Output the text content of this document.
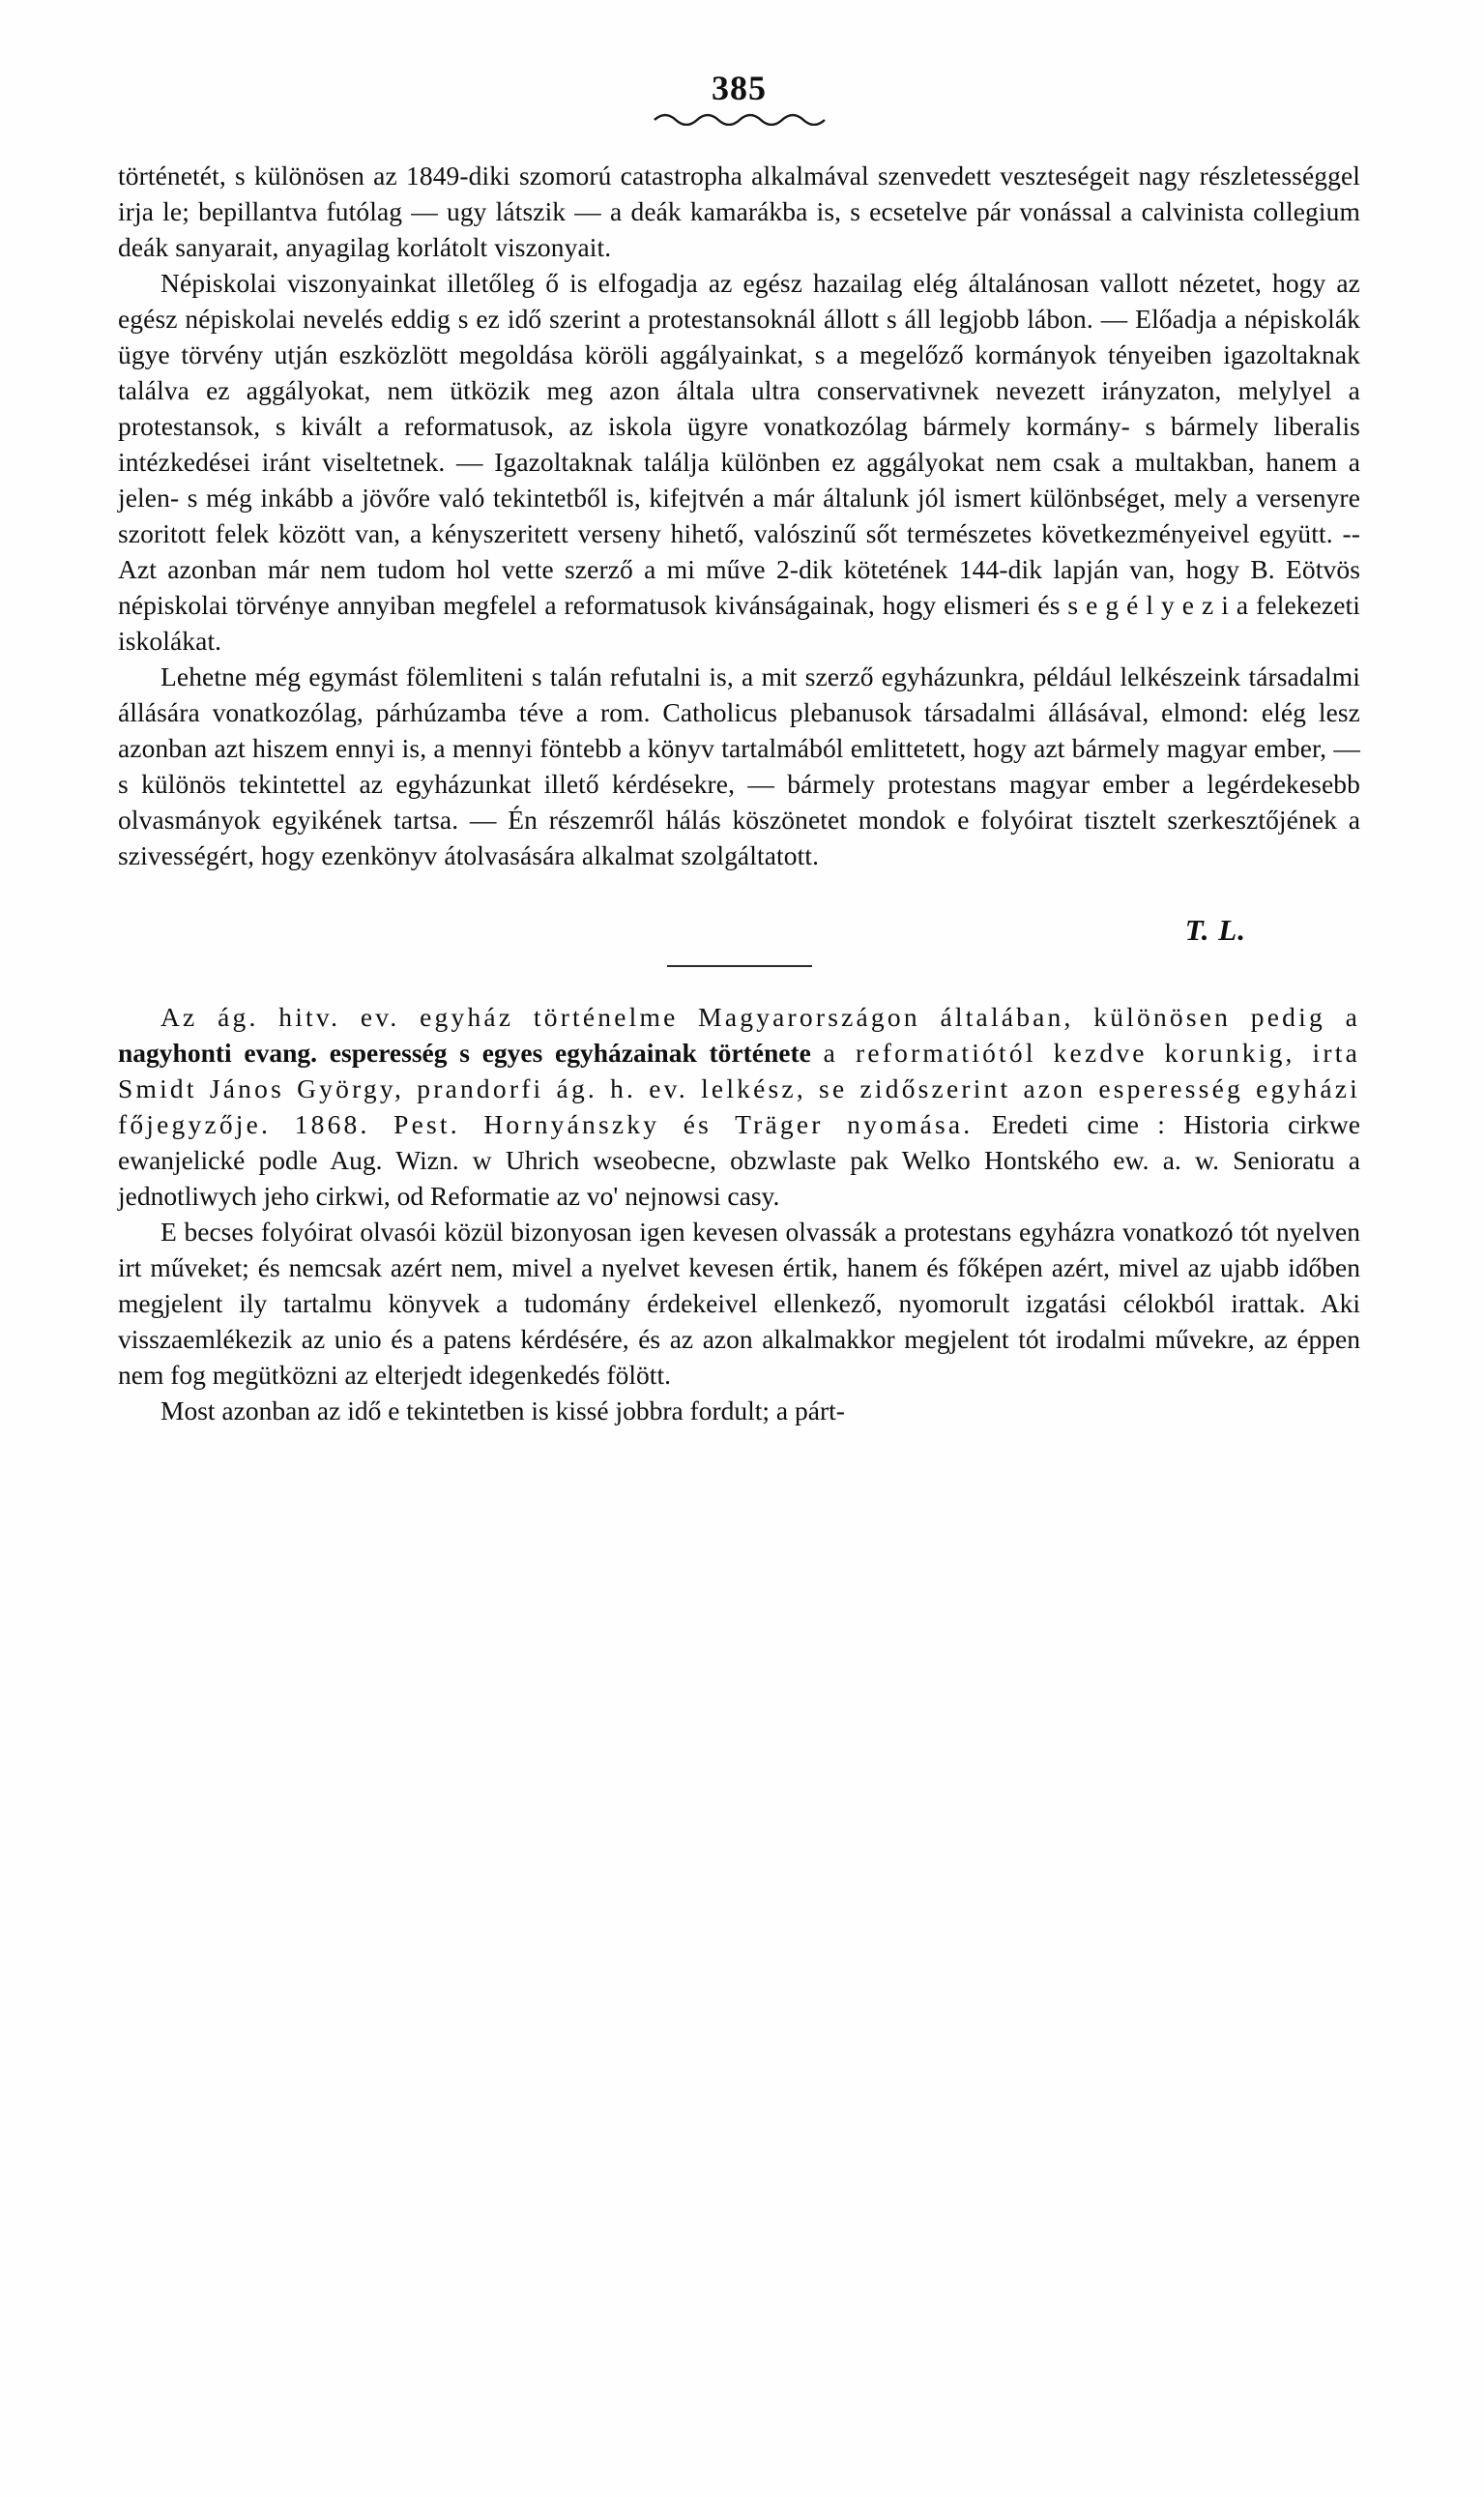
385

történetét, s különösen az 1849-diki szomorú catastropha alkalmával szenvedett veszteségeit nagy részletességgel irja le; bepillantva futólag — ugy látszik — a deák kamarákba is, s ecsetelve pár vonással a calvinista collegium deák sanyarait, anyagilag korlátolt viszonyait.

Népiskolai viszonyainkat illetőleg ő is elfogadja az egész hazailag elég általánosan vallott nézetet, hogy az egész népiskolai nevelés eddig s ez idő szerint a protestansoknál állott s áll legjobb lábon. — Előadja a népiskolák ügye törvény utján eszközlött megoldása köröli aggályainkat, s a megelőző kormányok tényeiben igazoltaknak találva ez aggályokat, nem ütközik meg azon általa ultra conservativnek nevezett irányzaton, melylyel a protestansok, s kivált a reformatusok, az iskola ügyre vonatkozólag bármely kormány- s bármely liberalis intézkedései iránt viseltetnek. — Igazoltaknak találja különben ez aggályokat nem csak a multakban, hanem a jelen- s még inkább a jövőre való tekintetből is, kifejtvén a már általunk jól ismert különbséget, mely a versenyre szoritott felek között van, a kényszeritett verseny hihető, valószinű sőt természetes következményeivel együtt. -- Azt azonban már nem tudom hol vette szerző a mi műve 2-dik kötetének 144-dik lapján van, hogy B. Eötvös népiskolai törvénye annyiban megfelel a reformatusok kivánságainak, hogy elismeri és s e g é l y e z i a felekezeti iskolákat.

Lehetne még egymást fölemliteni s talán refutalni is, a mit szerző egyházunkra, például lelkészeink társadalmi állására vonatkozólag, párhúzamba téve a rom. Catholicus plebanusok társadalmi állásával, elmond: elég lesz azonban azt hiszem ennyi is, a mennyi föntebb a könyv tartalmából emlittetett, hogy azt bármely magyar ember, — s különös tekintettel az egyházunkat illető kérdésekre, — bármely protestans magyar ember a legérdekesebb olvasmányok egyikének tartsa. — Én részemről hálás köszönetet mondok e folyóirat tisztelt szerkesztőjének a szivességért, hogy ezenkönyv átolvasására alkalmat szolgáltatott.

T. L.

Az ág. hitv. ev. egyház történelme Magyarországon általában, különösen pedig a nagyhonti evang. esperesség s egyes egyházainak története a reformatiótól kezdve korunkig, irta Smidt János György, prandorfi ág. h. ev. lelkész, se zidőszerint azon esperesség egyházi főjegyzője. 1868. Pest. Hornyánszky és Träger nyomása. Eredeti cime : Historia cirkwe ewanjelické podle Aug. Wizn. w Uhrich wseobecne, obzwlaste pak Welko Hontského ew. a. w. Senioratu a jednotliwych jeho cirkwi, od Reformatie az vo' nejnowsi casy.

E becses folyóirat olvasói közül bizonyosan igen kevesen olvassák a protestans egyházra vonatkozó tót nyelven irt műveket; és nemcsak azért nem, mivel a nyelvet kevesen értik, hanem és főképen azért, mivel az ujabb időben megjelent ily tartalmu könyvek a tudomány érdekeivel ellenkező, nyomorult izgatási célokból irattak. Aki visszaemlékezik az unio és a patens kérdésére, és az azon alkalmakkor megjelent tót irodalmi művekre, az éppen nem fog megütközni az elterjedt idegenkedés fölött.

Most azonban az idő e tekintetben is kissé jobbra fordult; a párt-
